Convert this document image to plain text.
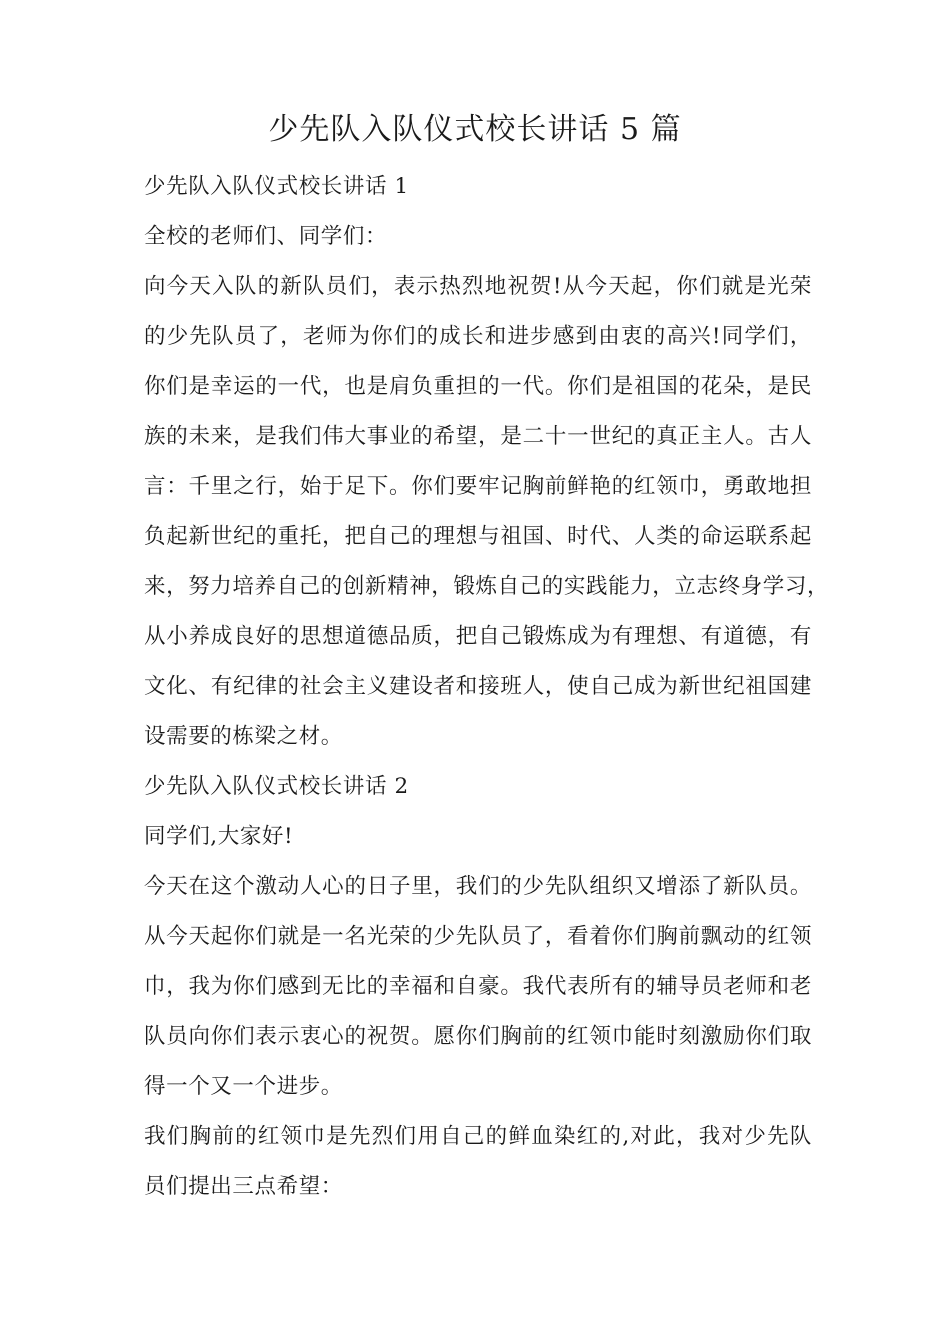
少先队入队仪式校长讲话 5 篇
少先队入队仪式校长讲话 1
全校的老师们、同学们：
向今天入队的新队员们，表示热烈地祝贺!从今天起，你们就是光荣
的少先队员了，老师为你们的成长和进步感到由衷的高兴!同学们，
你们是幸运的一代，也是肩负重担的一代。你们是祖国的花朵，是民
族的未来，是我们伟大事业的希望，是二十一世纪的真正主人。古人
言：千里之行，始于足下。你们要牢记胸前鲜艳的红领巾，勇敢地担
负起新世纪的重托，把自己的理想与祖国、时代、人类的命运联系起
来，努力培养自己的创新精神，锻炼自己的实践能力，立志终身学习，
从小养成良好的思想道德品质，把自己锻炼成为有理想、有道德，有
文化、有纪律的社会主义建设者和接班人，使自己成为新世纪祖国建
设需要的栋梁之材。
少先队入队仪式校长讲话 2
同学们,大家好!
今天在这个激动人心的日子里，我们的少先队组织又增添了新队员。
从今天起你们就是一名光荣的少先队员了，看着你们胸前飘动的红领
巾，我为你们感到无比的幸福和自豪。我代表所有的辅导员老师和老
队员向你们表示衷心的祝贺。愿你们胸前的红领巾能时刻激励你们取
得一个又一个进步。
我们胸前的红领巾是先烈们用自己的鲜血染红的,对此，我对少先队
员们提出三点希望：
